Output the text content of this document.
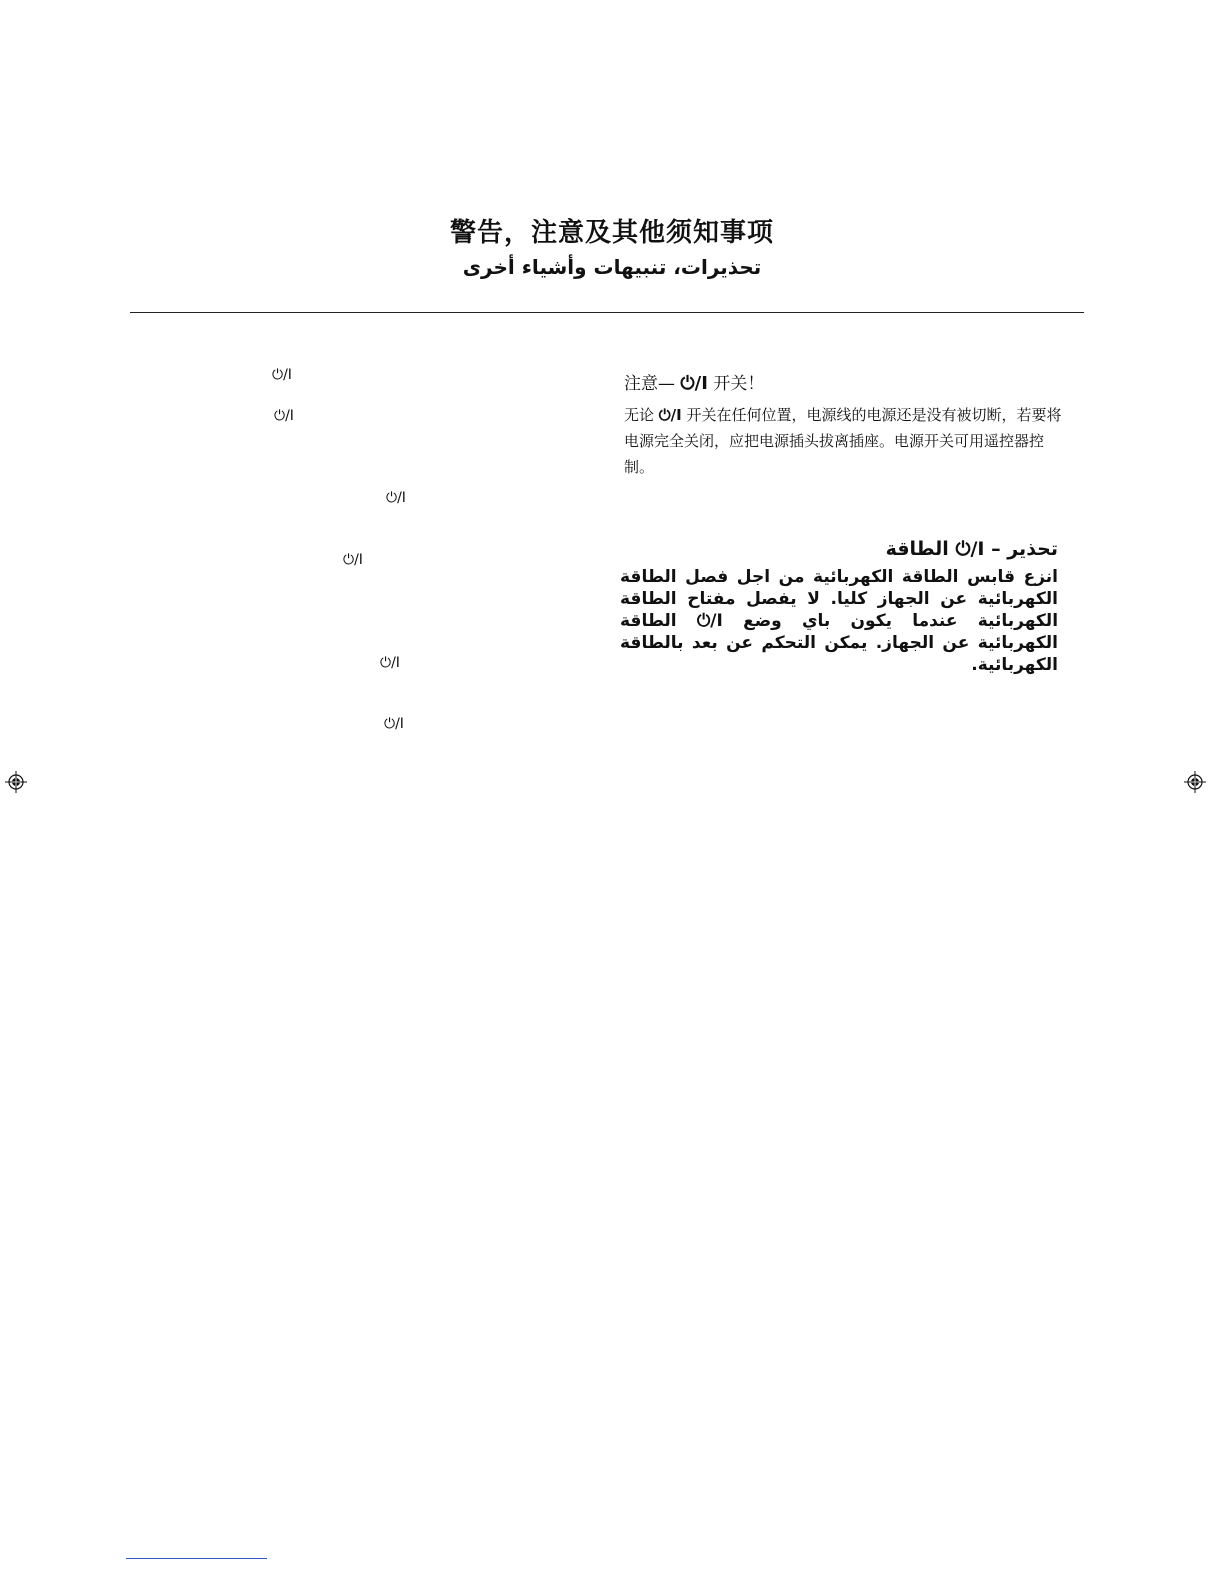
警告，注意及其他须知事项
تحذيرات، تنبيهات وأشياء أخرى
⏻/I
⏻/I
⏻/I
⏻/I
⏻/I
⏻/I
注意— ⏻/I 开关！
无论 ⏻/I 开关在任何位置，电源线的电源还是没有被切断，若要将电源完全关闭，应把电源插头拔离插座。电源开关可用遥控器控制。
تحذير – ⏻/I الطاقة
انزع قابس الطاقة الكهربائية من اجل فصل الطاقة الكهربائية عن الجهاز كليا. لا يفصل مفتاح الطاقة الكهربائية عندما يكون باي وضع ⏻/I الطاقة الكهربائية عن الجهاز. يمكن التحكم عن بعد بالطاقة الكهربائية.
